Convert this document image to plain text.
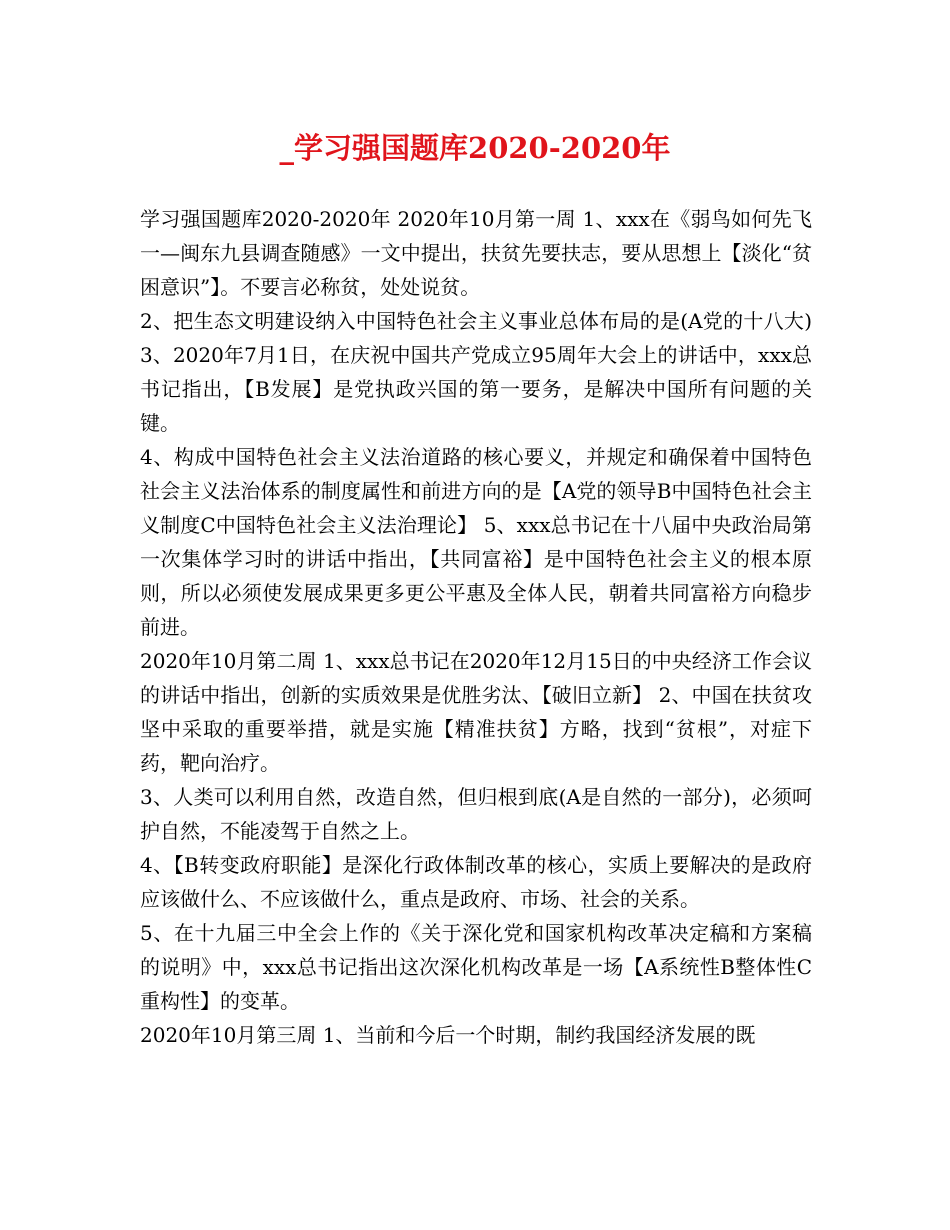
_学习强国题库2020-2020年

学习强国题库2020-2020年 2020年10月第一周 1、xxx在《弱鸟如何先飞一—闽东九县调查随感》一文中提出，扶贫先要扶志，要从思想上【淡化“贫困意识”】。不要言必称贫，处处说贫。

2、把生态文明建设纳入中国特色社会主义事业总体布局的是(A党的十八大) 3、2020年7月1日，在庆祝中国共产党成立95周年大会上的讲话中，xxx总书记指出，【B发展】是党执政兴国的第一要务，是解决中国所有问题的关键。

4、构成中国特色社会主义法治道路的核心要义，并规定和确保着中国特色社会主义法治体系的制度属性和前进方向的是【A党的领导B中国特色社会主义制度C中国特色社会主义法治理论】 5、xxx总书记在十八届中央政治局第一次集体学习时的讲话中指出，【共同富裕】是中国特色社会主义的根本原则，所以必须使发展成果更多更公平惠及全体人民，朝着共同富裕方向稳步前进。

2020年10月第二周 1、xxx总书记在2020年12月15日的中央经济工作会议的讲话中指出，创新的实质效果是优胜劣汰、【破旧立新】 2、中国在扶贫攻坚中采取的重要举措，就是实施【精准扶贫】方略，找到“贫根”，对症下药，靶向治疗。

3、人类可以利用自然，改造自然，但归根到底(A是自然的一部分)，必须呵护自然，不能凌驾于自然之上。

4、【B转变政府职能】是深化行政体制改革的核心，实质上要解决的是政府应该做什么、不应该做什么，重点是政府、市场、社会的关系。

5、在十九届三中全会上作的《关于深化党和国家机构改革决定稿和方案稿的说明》中，xxx总书记指出这次深化机构改革是一场【A系统性B整体性C重构性】的变革。

2020年10月第三周 1、当前和今后一个时期，制约我国经济发展的既
